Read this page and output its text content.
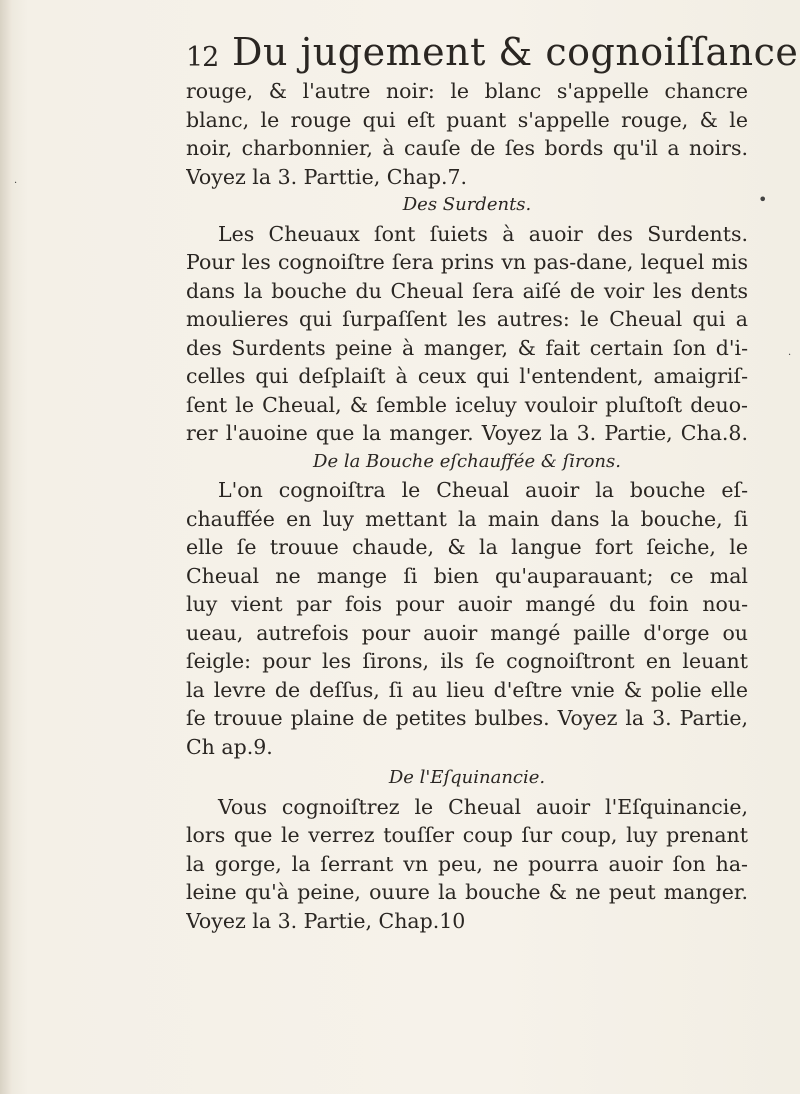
12 Du jugement & cognoiſſance
rouge, & l'autre noir: le blanc s'appelle chancre
blanc, le rouge qui eſt puant s'appelle rouge, & le
noir, charbonnier, à cauſe de ſes bords qu'il a noirs.
Voyez la 3. Parttie, Chap.7.
Des Surdents.
Les Cheuaux ſont ſuiets à auoir des Surdents.
Pour les cognoiſtre ſera prins vn pas-dane, lequel mis
dans la bouche du Cheual ſera aiſé de voir les dents
moulieres qui ſurpaſſent les autres: le Cheual qui a
des Surdents peine à manger, & fait certain ſon d'i-
celles qui deſplaiſt à ceux qui l'entendent, amaigriſ-
ſent le Cheual, & ſemble iceluy vouloir pluſtoſt deuo-
rer l'auoine que la manger. Voyez la 3. Partie, Cha.8.
De la Bouche eſchauffée & ſirons.
L'on cognoiſtra le Cheual auoir la bouche eſ-
chauffée en luy mettant la main dans la bouche, ſi
elle ſe trouue chaude, & la langue fort ſeiche, le
Cheual ne mange ſi bien qu'auparauant; ce mal
luy vient par fois pour auoir mangé du foin nou-
ueau, autrefois pour auoir mangé paille d'orge ou
ſeigle: pour les ſirons, ils ſe cognoiſtront en leuant
la levre de deſſus, ſi au lieu d'eſtre vnie & polie elle
ſe trouue plaine de petites bulbes. Voyez la 3. Partie,
Ch ap.9.
De l'Eſquinancie.
Vous cognoiſtrez le Cheual auoir l'Eſquinancie,
lors que le verrez touſſer coup ſur coup, luy prenant
la gorge, la ſerrant vn peu, ne pourra auoir ſon ha-
leine qu'à peine, ouure la bouche & ne peut manger.
Voyez la 3. Partie, Chap.10
·
•
·
